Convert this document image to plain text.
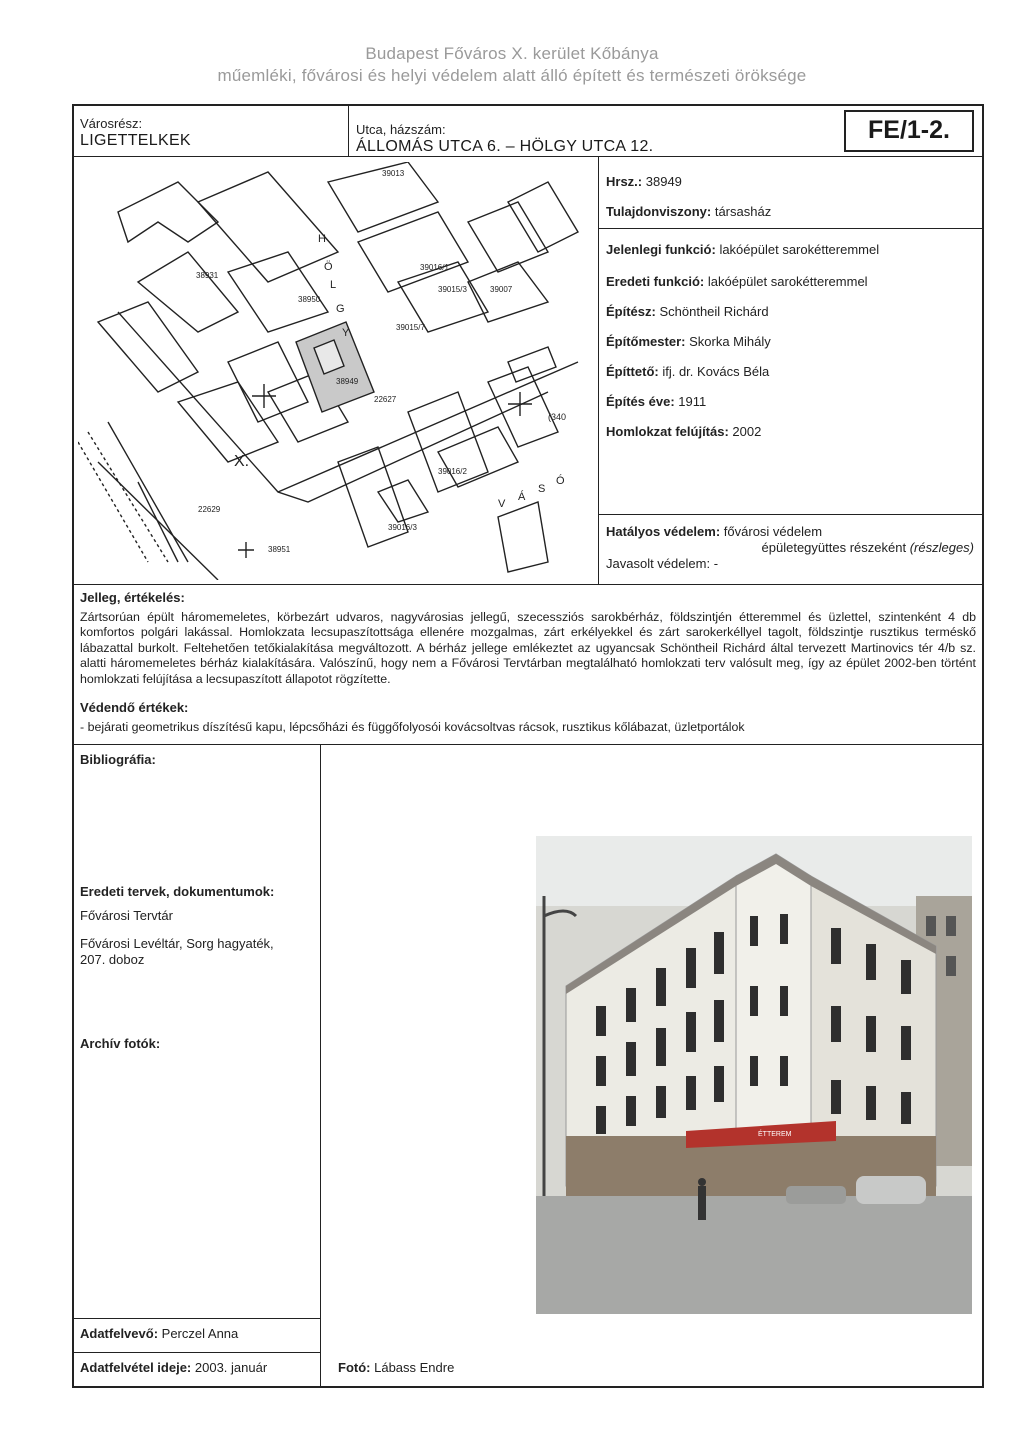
Budapest Főváros X. kerület Kőbánya
műemléki, fővárosi és helyi védelem alatt álló épített és természeti öröksége
FE/1-2.
Városrész:
LIGETTELKEK
Utca, házszám:
ÁLLOMÁS UTCA 6. – HÖLGY UTCA 12.
38931
38950
38949
39013
39016/1
39015/3	39007
39015/7
39016/2
39016/3
22627
22629
38951
X.
H
Ö
L
G
Y
V
Á
S
Ó
(340
Hrsz.: 38949
Tulajdonviszony: társasház
Jelenlegi funkció: lakóépület sarokétteremmel
Eredeti funkció: lakóépület sarokétteremmel
Építész: Schöntheil Richárd
Építőmester: Skorka Mihály
Építtető: ifj. dr. Kovács Béla
Építés éve: 1911
Homlokzat felújítás: 2002
Hatályos védelem: fővárosi védelem
épületegyüttes részeként (részleges)
Javasolt védelem: -
Jelleg, értékelés:
Zártsorúan épült háromemeletes, körbezárt udvaros, nagyvárosias jellegű, szecessziós sarokbérház, földszintjén étteremmel és üzlettel, szintenként 4 db komfortos polgári lakással. Homlokzata lecsupaszítottsága ellenére mozgalmas, zárt erkélyekkel és zárt sarokerkéllyel tagolt, földszintje rusztikus terméskő lábazattal burkolt. Feltehetően tetőkialakítása megváltozott. A bérház jellege emlékeztet az ugyancsak Schöntheil Richárd által tervezett Martinovics tér 4/b sz. alatti háromemeletes bérház kialakítására. Valószínű, hogy nem a Fővárosi Tervtárban megtalálható homlokzati terv valósult meg, így az épület 2002-ben történt homlokzati felújítása a lecsupaszított állapotot rögzítette.
Védendő értékek:
- bejárati geometrikus díszítésű kapu, lépcsőházi és függőfolyosói kovácsoltvas rácsok, rusztikus kőlábazat, üzletportálok
Bibliográfia:
Eredeti tervek, dokumentumok:
Fővárosi Tervtár
Fővárosi Levéltár, Sorg hagyaték,
207. doboz
Archív fotók:
ÉTTEREM
Adatfelvevő: Perczel Anna
Adatfelvétel ideje: 2003. január	Fotó: Lábass Endre
